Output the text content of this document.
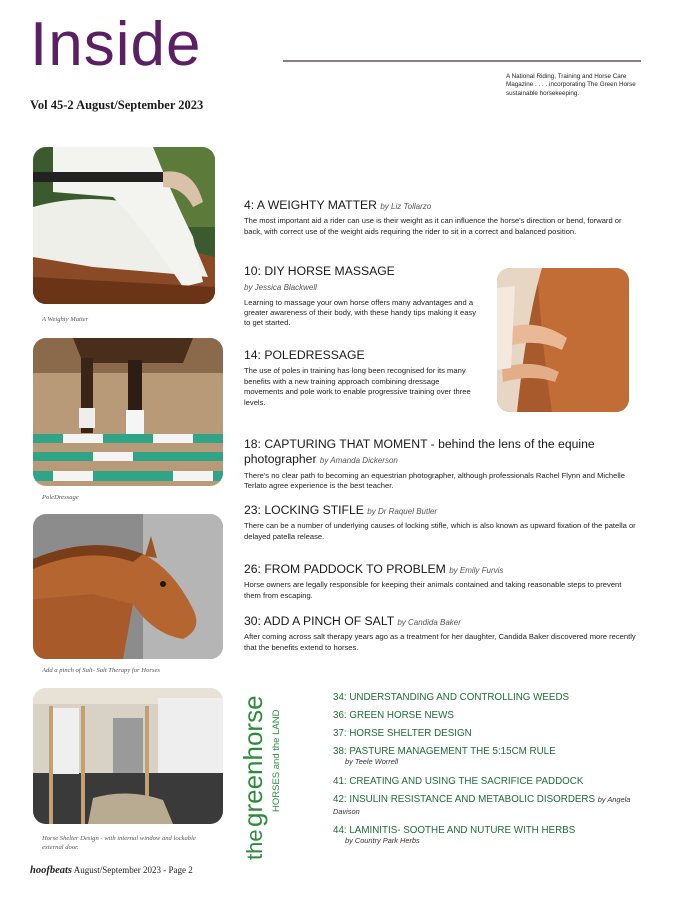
Inside
Vol 45-2 August/September 2023
A National Riding, Training and Horse Care Magazine . . . . incorporating The Green Horse sustainable horsekeeping.
A Weighty Matter
PoleDressage
Add a pinch of Salt- Salt Therapy for Horses
Horse Shelter Design - with internal window and lockable external door.
4: A WEIGHTY MATTER by Liz Tollarzo
The most important aid a rider can use is their weight as it can influence the horse's direction or bend, forward or back, with correct use of the weight aids requiring the rider to sit in a correct and balanced position.
10: DIY HORSE MASSAGE
by Jessica Blackwell
Learning to massage your own horse offers many advantages and a greater awareness of their body, with these handy tips making it easy to get started.
14: POLEDRESSAGE
The use of poles in training has long been recognised for its many benefits with a new training approach combining dressage movements and pole work to enable progressive training over three levels.
18: CAPTURING THAT MOMENT - behind the lens of the equine photographer by Amanda Dickerson
There's no clear path to becoming an equestrian photographer, although professionals Rachel Flynn and Michelle Terlato agree experience is the best teacher.
23: LOCKING STIFLE by Dr Raquel Butler
There can be a number of underlying causes of locking stifle, which is also known as upward fixation of the patella or delayed patella release.
26: FROM PADDOCK TO PROBLEM by Emily Furvis
Horse owners are legally responsible for keeping their animals contained and taking reasonable steps to prevent them from escaping.
30: ADD A PINCH OF SALT by Candida Baker
After coming across salt therapy years ago as a treatment for her daughter, Candida Baker discovered more recently that the benefits extend to horses.
the
greenhorse HORSES and the LAND
34: UNDERSTANDING AND CONTROLLING WEEDS
36: GREEN HORSE NEWS
37: HORSE SHELTER DESIGN
38: PASTURE MANAGEMENT THE 5:15CM RULE
by Teele Worrell
41: CREATING AND USING THE SACRIFICE PADDOCK
42: INSULIN RESISTANCE AND METABOLIC DISORDERS by Angela Davison
44: LAMINITIS- SOOTHE AND NUTURE WITH HERBS
by Country Park Herbs
hoofbeats August/September 2023 - Page 2
